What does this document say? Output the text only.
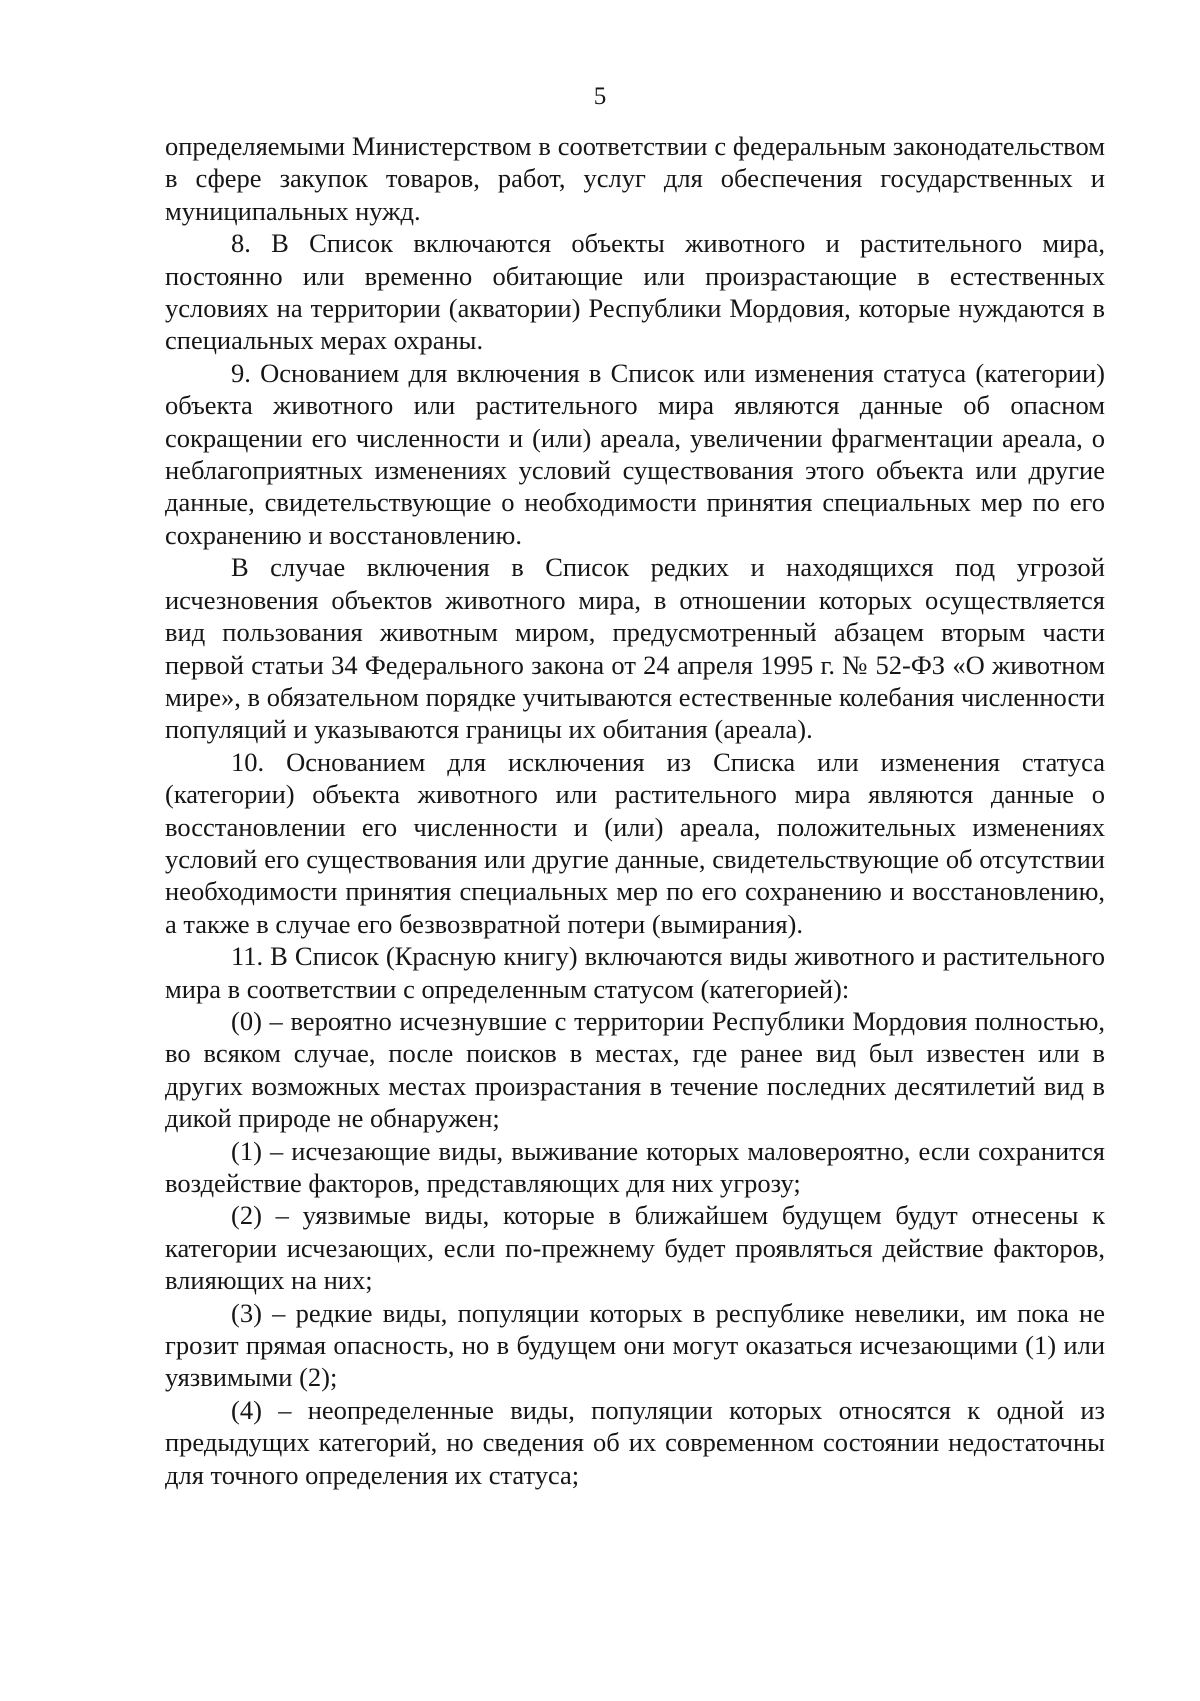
5

определяемыми Министерством в соответствии с федеральным законодательством в сфере закупок товаров, работ, услуг для обеспечения государственных и муниципальных нужд.

8. В Список включаются объекты животного и растительного мира, постоянно или временно обитающие или произрастающие в естественных условиях на территории (акватории) Республики Мордовия, которые нуждаются в специальных мерах охраны.

9. Основанием для включения в Список или изменения статуса (категории) объекта животного или растительного мира являются данные об опасном сокращении его численности и (или) ареала, увеличении фрагментации ареала, о неблагоприятных изменениях условий существования этого объекта или другие данные, свидетельствующие о необходимости принятия специальных мер по его сохранению и восстановлению.

В случае включения в Список редких и находящихся под угрозой исчезновения объектов животного мира, в отношении которых осуществляется вид пользования животным миром, предусмотренный абзацем вторым части первой статьи 34 Федерального закона от 24 апреля 1995 г. № 52-ФЗ «О животном мире», в обязательном порядке учитываются естественные колебания численности популяций и указываются границы их обитания (ареала).

10. Основанием для исключения из Списка или изменения статуса (категории) объекта животного или растительного мира являются данные о восстановлении его численности и (или) ареала, положительных изменениях условий его существования или другие данные, свидетельствующие об отсутствии необходимости принятия специальных мер по его сохранению и восстановлению, а также в случае его безвозвратной потери (вымирания).

11. В Список (Красную книгу) включаются виды животного и растительного мира в соответствии с определенным статусом (категорией):

(0) – вероятно исчезнувшие с территории Республики Мордовия полностью, во всяком случае, после поисков в местах, где ранее вид был известен или в других возможных местах произрастания в течение последних десятилетий вид в дикой природе не обнаружен;

(1) – исчезающие виды, выживание которых маловероятно, если сохранится воздействие факторов, представляющих для них угрозу;

(2) – уязвимые виды, которые в ближайшем будущем будут отнесены к категории исчезающих, если по-прежнему будет проявляться действие факторов, влияющих на них;

(3) – редкие виды, популяции которых в республике невелики, им пока не грозит прямая опасность, но в будущем они могут оказаться исчезающими (1) или уязвимыми (2);

(4) – неопределенные виды, популяции которых относятся к одной из предыдущих категорий, но сведения об их современном состоянии недостаточны для точного определения их статуса;
